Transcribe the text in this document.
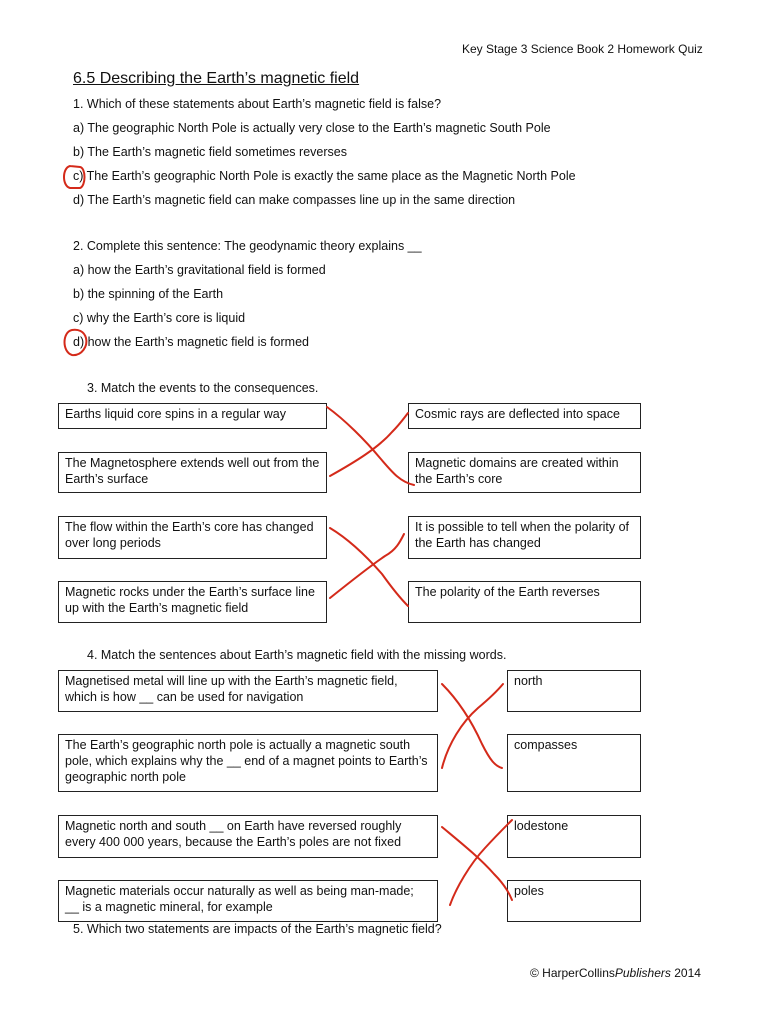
Key Stage 3 Science Book 2 Homework Quiz
6.5 Describing the Earth’s magnetic field
1. Which of these statements about Earth’s magnetic field is false?
a) The geographic North Pole is actually very close to the Earth’s magnetic South Pole
b) The Earth’s magnetic field sometimes reverses
c) The Earth’s geographic North Pole is exactly the same place as the Magnetic North Pole
d) The Earth’s magnetic field can make compasses line up in the same direction
2. Complete this sentence: The geodynamic theory explains __
a) how the Earth’s gravitational field is formed
b) the spinning of the Earth
c) why the Earth’s core is liquid
d) how the Earth’s magnetic field is formed
3. Match the events to the consequences.
Earths liquid core spins in a regular way
The Magnetosphere extends well out from the Earth’s surface
The flow within the Earth’s core has changed over long periods
Magnetic rocks under the Earth’s surface line up with the Earth’s magnetic field
Cosmic rays are deflected into space
Magnetic domains are created within the Earth’s core
It is possible to tell when the polarity of the Earth has changed
The polarity of the Earth reverses
4. Match the sentences about Earth’s magnetic field with the missing words.
Magnetised metal will line up with the Earth’s magnetic field, which is how __ can be used for navigation
The Earth’s geographic north pole is actually a magnetic south pole, which explains why the __ end of a magnet points to Earth’s geographic north pole
Magnetic north and south __ on Earth have reversed roughly every 400 000 years, because the Earth’s poles are not fixed
Magnetic materials occur naturally as well as being man-made; __ is a magnetic mineral, for example
north
compasses
lodestone
poles
5. Which two statements are impacts of the Earth’s magnetic field?
© HarperCollinsPublishers 2014
